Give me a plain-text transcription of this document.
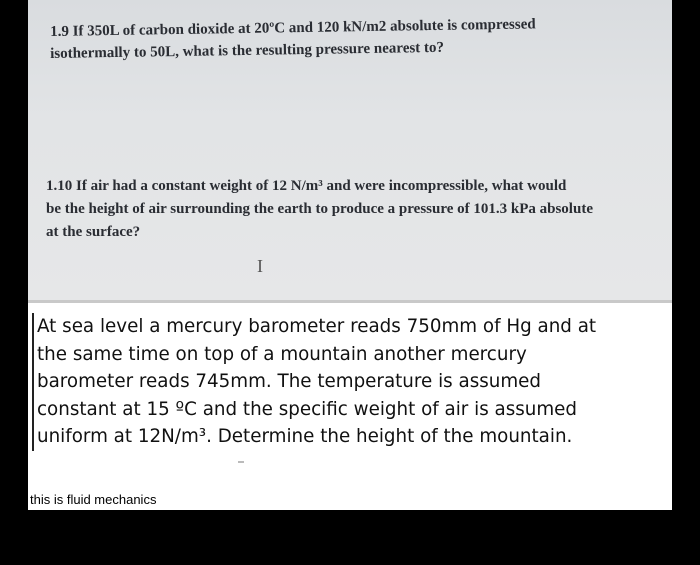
1.9 If 350L of carbon dioxide at 20ºC and 120 kN/m2 absolute is compressed

isothermally to 50L, what is the resulting pressure nearest to?

1.10 If air had a constant weight of 12 N/m³ and were incompressible, what would

be the height of air surrounding the earth to produce a pressure of 101.3 kPa absolute

at the surface?

I

At sea level a mercury barometer reads 750mm of Hg and at
the same time on top of a mountain another mercury
barometer reads 745mm. The temperature is assumed
constant at 15 ºC and the specific weight of air is assumed
uniform at 12N/m³. Determine the height of the mountain.

this is fluid mechanics
